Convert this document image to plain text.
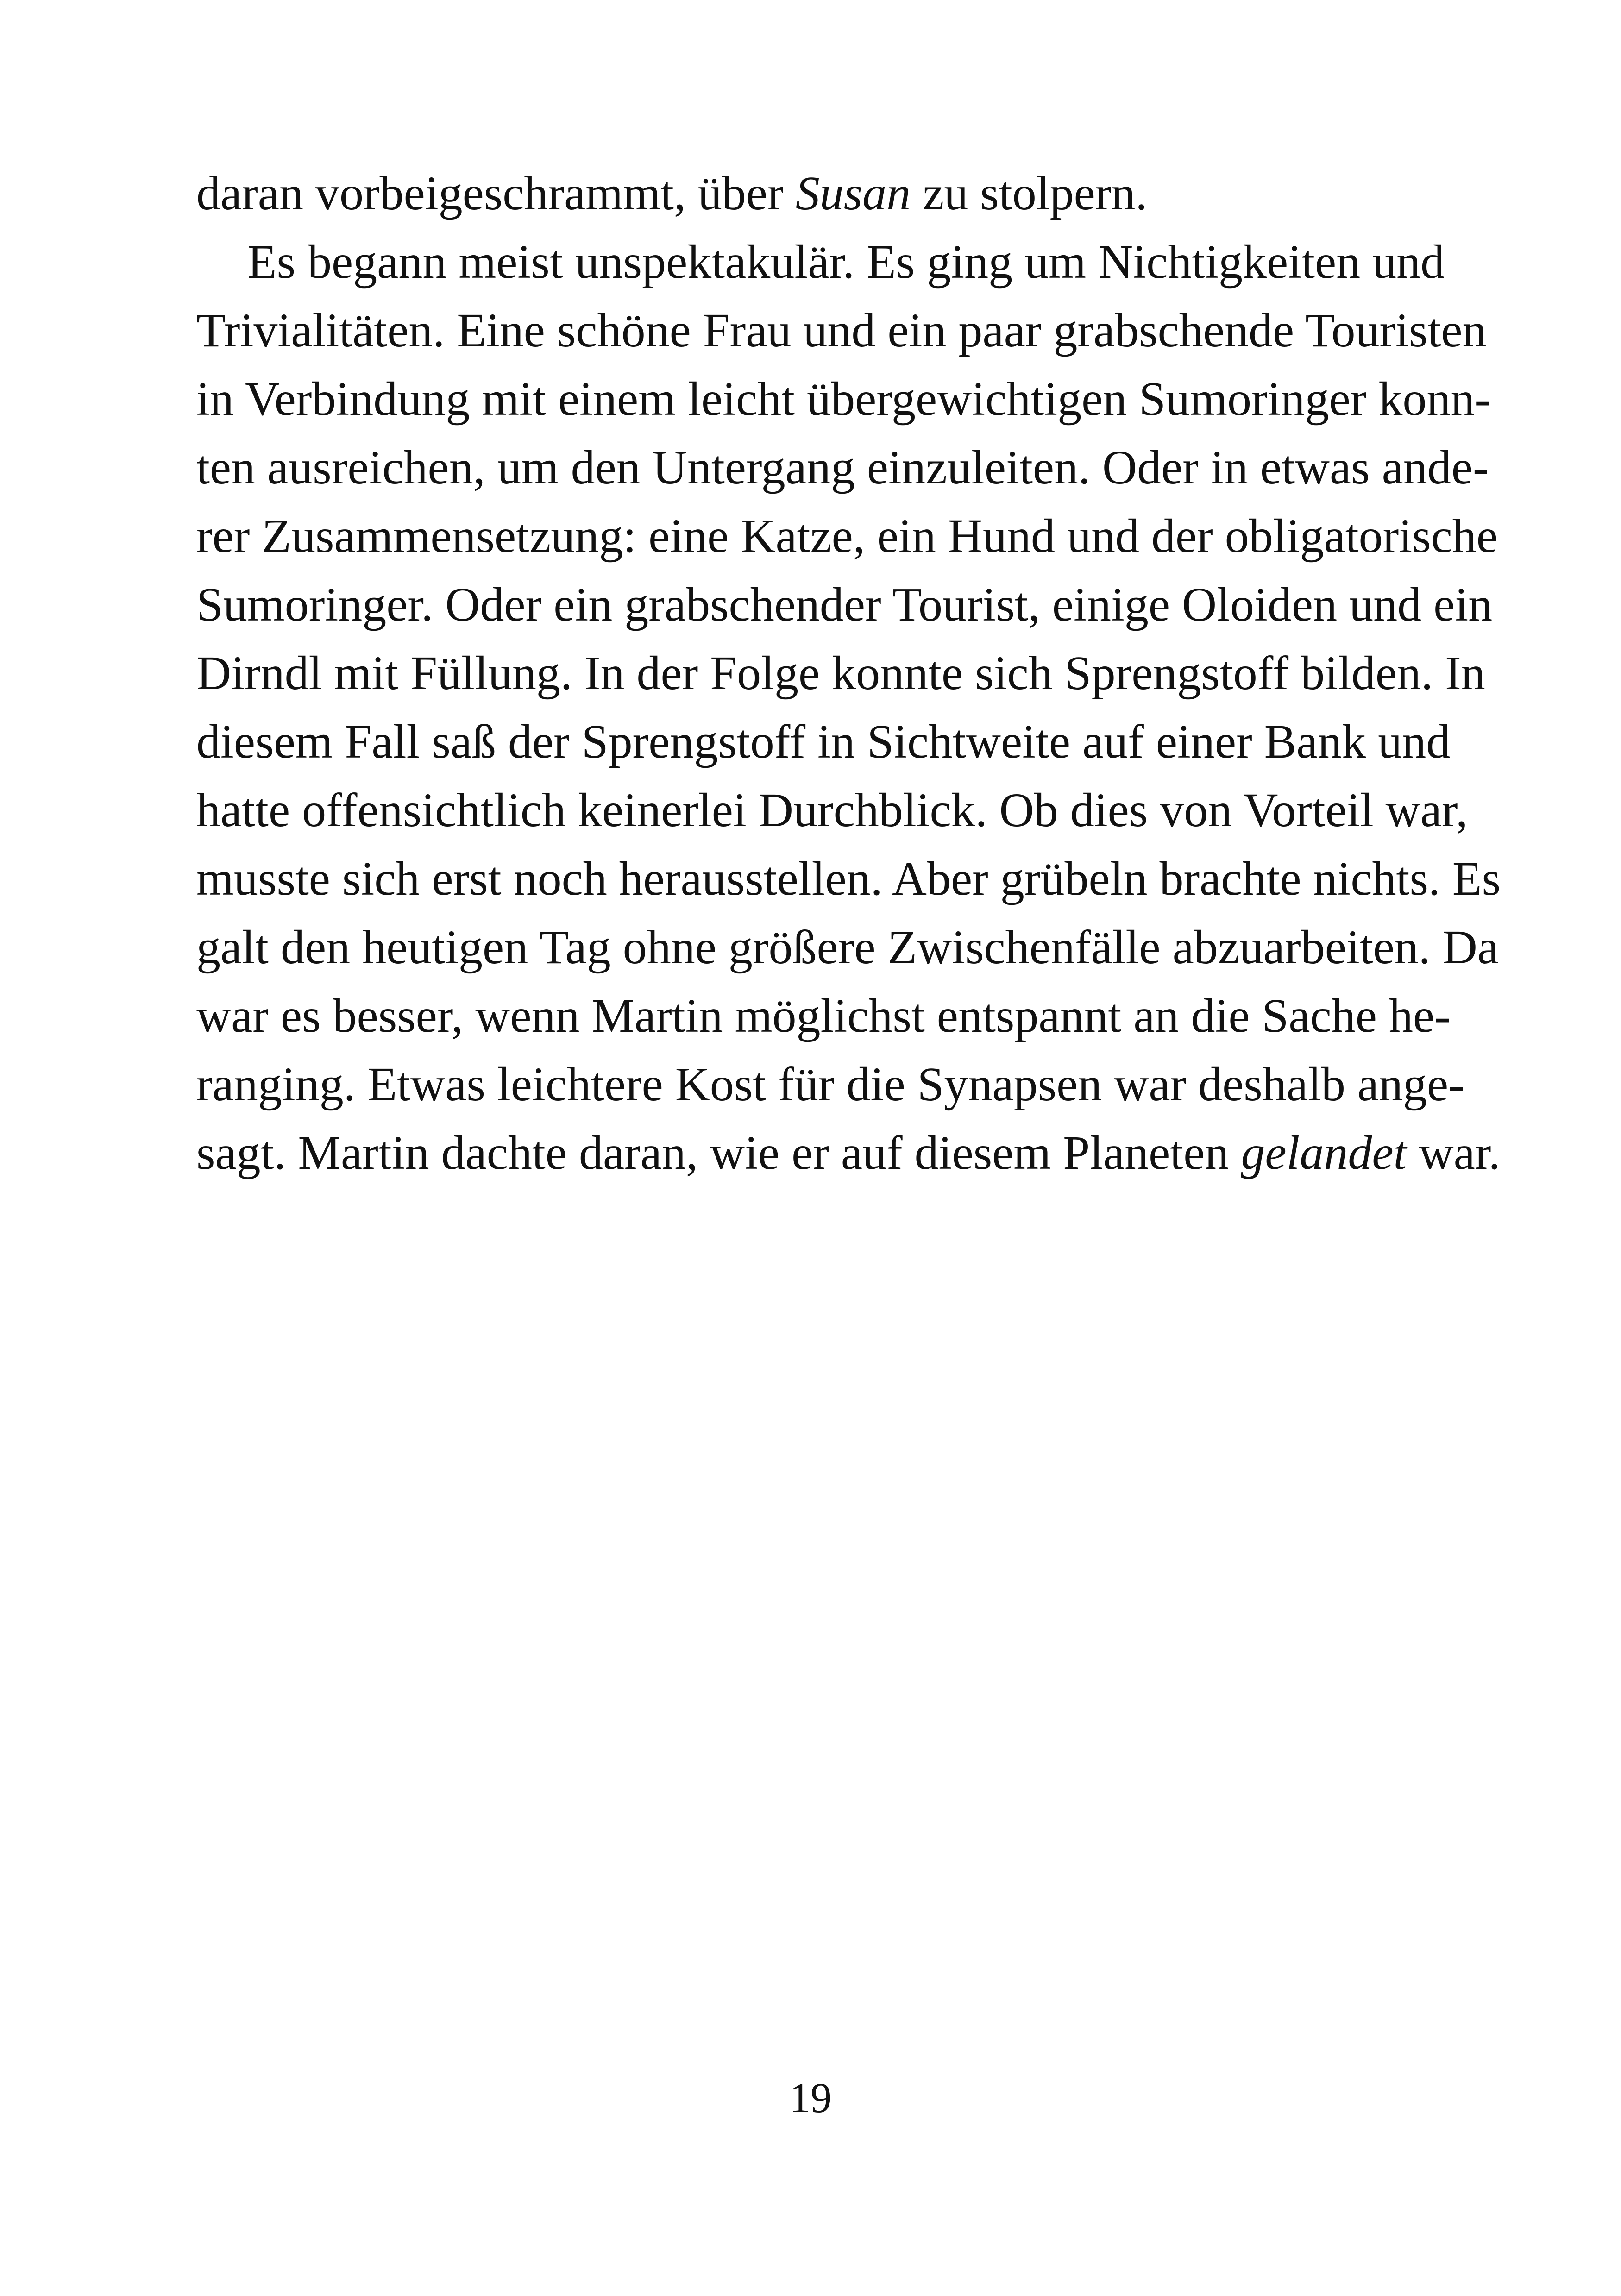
daran vorbeigeschrammt, über Susan zu stolpern.
Es begann meist unspektakulär. Es ging um Nichtigkeiten und
Trivialitäten. Eine schöne Frau und ein paar grabschende Touristen
in Verbindung mit einem leicht übergewichtigen Sumoringer konn-
ten ausreichen, um den Untergang einzuleiten. Oder in etwas ande-
rer Zusammensetzung: eine Katze, ein Hund und der obligatorische
Sumoringer. Oder ein grabschender Tourist, einige Oloiden und ein
Dirndl mit Füllung. In der Folge konnte sich Sprengstoff bilden. In
diesem Fall saß der Sprengstoff in Sichtweite auf einer Bank und
hatte offensichtlich keinerlei Durchblick. Ob dies von Vorteil war,
musste sich erst noch herausstellen. Aber grübeln brachte nichts. Es
galt den heutigen Tag ohne größere Zwischenfälle abzuarbeiten. Da
war es besser, wenn Martin möglichst entspannt an die Sache he-
ranging. Etwas leichtere Kost für die Synapsen war deshalb ange-
sagt. Martin dachte daran, wie er auf diesem Planeten gelandet war.
19
